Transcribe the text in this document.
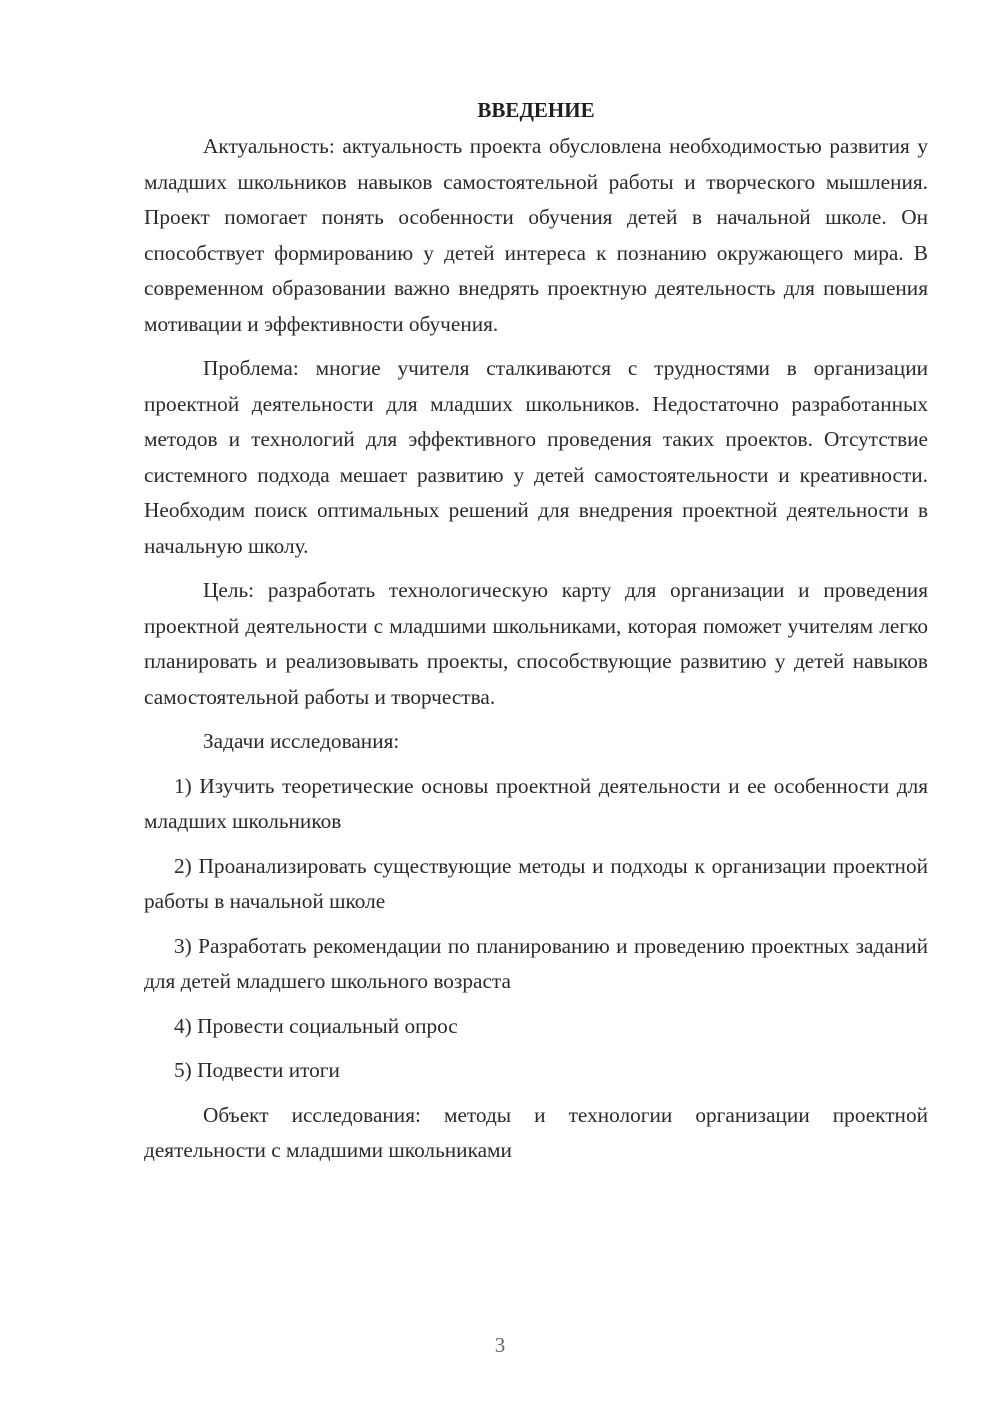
ВВЕДЕНИЕ

Актуальность: актуальность проекта обусловлена необходимостью развития у младших школьников навыков самостоятельной работы и творческого мышления. Проект помогает понять особенности обучения детей в начальной школе. Он способствует формированию у детей интереса к познанию окружающего мира. В современном образовании важно внедрять проектную деятельность для повышения мотивации и эффективности обучения.

Проблема: многие учителя сталкиваются с трудностями в организации проектной деятельности для младших школьников. Недостаточно разработанных методов и технологий для эффективного проведения таких проектов. Отсутствие системного подхода мешает развитию у детей самостоятельности и креативности. Необходим поиск оптимальных решений для внедрения проектной деятельности в начальную школу.

Цель: разработать технологическую карту для организации и проведения проектной деятельности с младшими школьниками, которая поможет учителям легко планировать и реализовывать проекты, способствующие развитию у детей навыков самостоятельной работы и творчества.

Задачи исследования:

1) Изучить теоретические основы проектной деятельности и ее особенности для младших школьников

2) Проанализировать существующие методы и подходы к организации проектной работы в начальной школе

3) Разработать рекомендации по планированию и проведению проектных заданий для детей младшего школьного возраста

4) Провести социальный опрос

5) Подвести итоги

Объект исследования: методы и технологии организации проектной деятельности с младшими школьниками

3
